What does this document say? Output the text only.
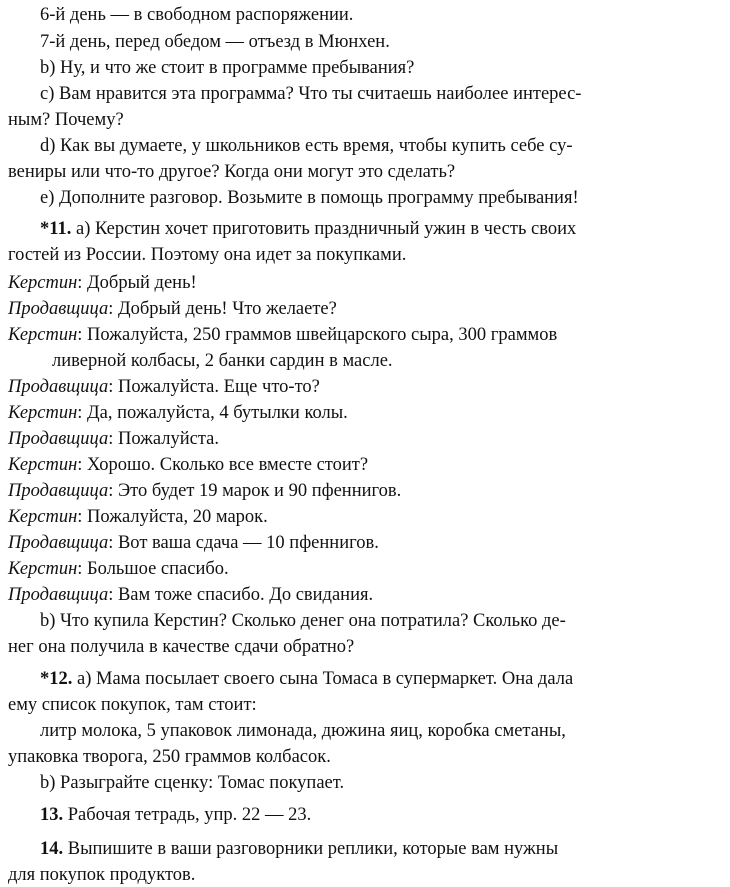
6-й день — в свободном распоряжении.
7-й день, перед обедом — отъезд в Мюнхен.
b) Ну, и что же стоит в программе пребывания?
c) Вам нравится эта программа? Что ты считаешь наиболее интерес-
ным? Почему?
d) Как вы думаете, у школьников есть время, чтобы купить себе су-
вениры или что-то другое? Когда они могут это сделать?
e) Дополните разговор. Возьмите в помощь программу пребывания!
*11. a) Керстин хочет приготовить праздничный ужин в честь своих
гостей из России. Поэтому она идет за покупками.
Керстин: Добрый день!
Продавщица: Добрый день! Что желаете?
Керстин: Пожалуйста, 250 граммов швейцарского сыра, 300 граммов
ливерной колбасы, 2 банки сардин в масле.
Продавщица: Пожалуйста. Еще что-то?
Керстин: Да, пожалуйста, 4 бутылки колы.
Продавщица: Пожалуйста.
Керстин: Хорошо. Сколько все вместе стоит?
Продавщица: Это будет 19 марок и 90 пфеннигов.
Керстин: Пожалуйста, 20 марок.
Продавщица: Вот ваша сдача — 10 пфеннигов.
Керстин: Большое спасибо.
Продавщица: Вам тоже спасибо. До свидания.
b) Что купила Керстин? Сколько денег она потратила? Сколько де-
нег она получила в качестве сдачи обратно?
*12. a) Мама посылает своего сына Томаса в супермаркет. Она дала
ему список покупок, там стоит:
литр молока, 5 упаковок лимонада, дюжина яиц, коробка сметаны,
упаковка творога, 250 граммов колбасок.
b) Разыграйте сценку: Томас покупает.
13. Рабочая тетрадь, упр. 22 — 23.
14. Выпишите в ваши разговорники реплики, которые вам нужны
для покупок продуктов.
